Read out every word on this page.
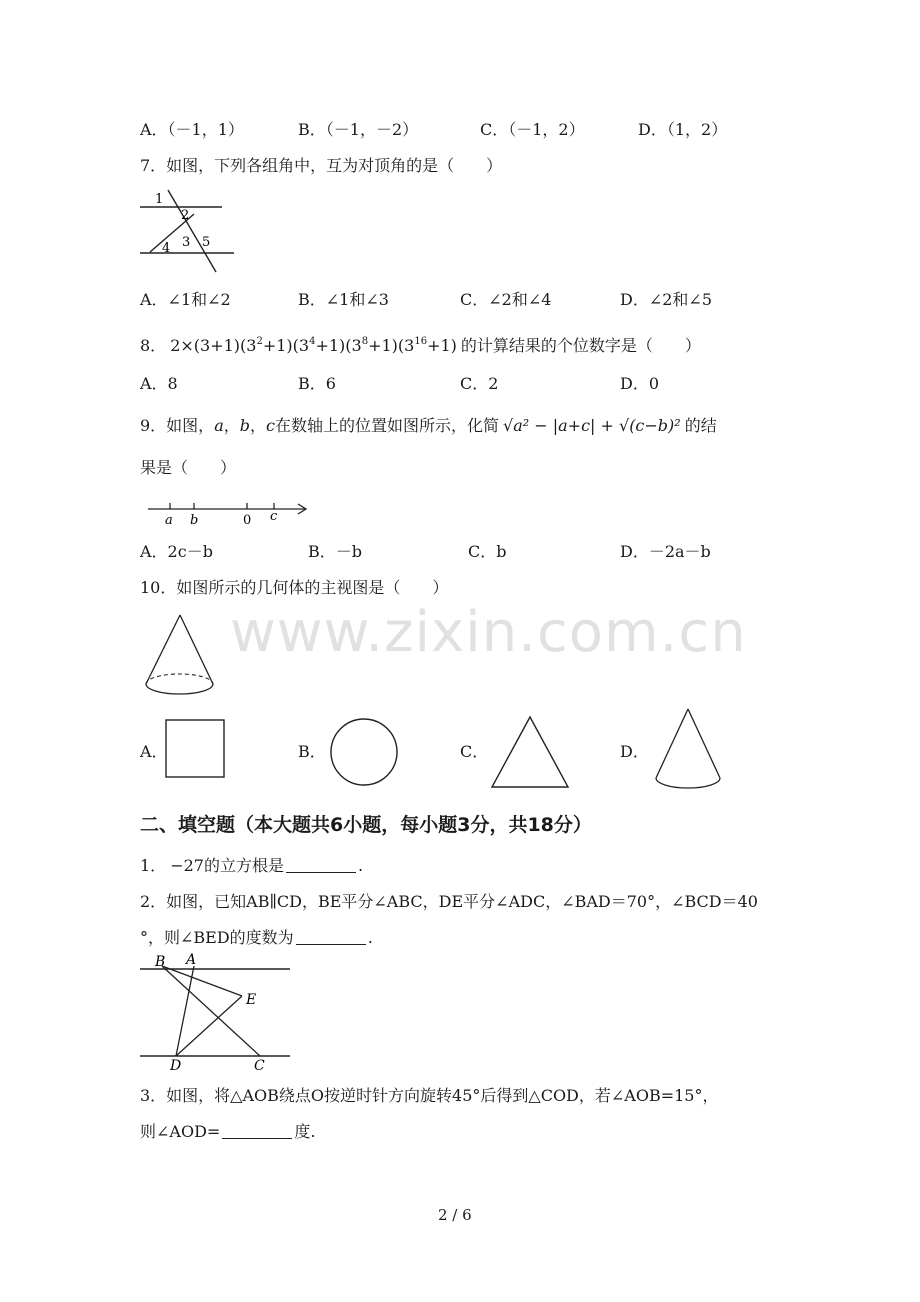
A．（－1，1）	B．（－1，－2）	C．（－1，2）	D．（1，2）
7．如图，下列各组角中，互为对顶角的是（　　）
1
2
3
4 5
A．∠1和∠2	B．∠1和∠3	C．∠2和∠4	D．∠2和∠5
8． $2\times(3+1)(3^2+1)(3^4+1)(3^8+1)(3^{16}+1)$ 的计算结果的个位数字是（　　）
A．8	B．6	C．2	D．0
9．如图，a，b，c在数轴上的位置如图所示，化简 √a² − |a+c| + √(c−b)² 的结
果是（　　）
a b	0 c
A．2c－b	B．－b	C．b	D．－2a－b
10．如图所示的几何体的主视图是（　　）
www.zixin.com.cn
A．	B．	C．	D．
二、填空题（本大题共6小题，每小题3分，共18分）
1． −27的立方根是	.
2．如图，已知AB∥CD，BE平分∠ABC，DE平分∠ADC，∠BAD＝70°，∠BCD＝40
°，则∠BED的度数为	.
B A
E
D	C
3．如图，将△AOB绕点O按逆时针方向旋转45°后得到△COD，若∠AOB=15°，
则∠AOD=	度.
2 / 6
